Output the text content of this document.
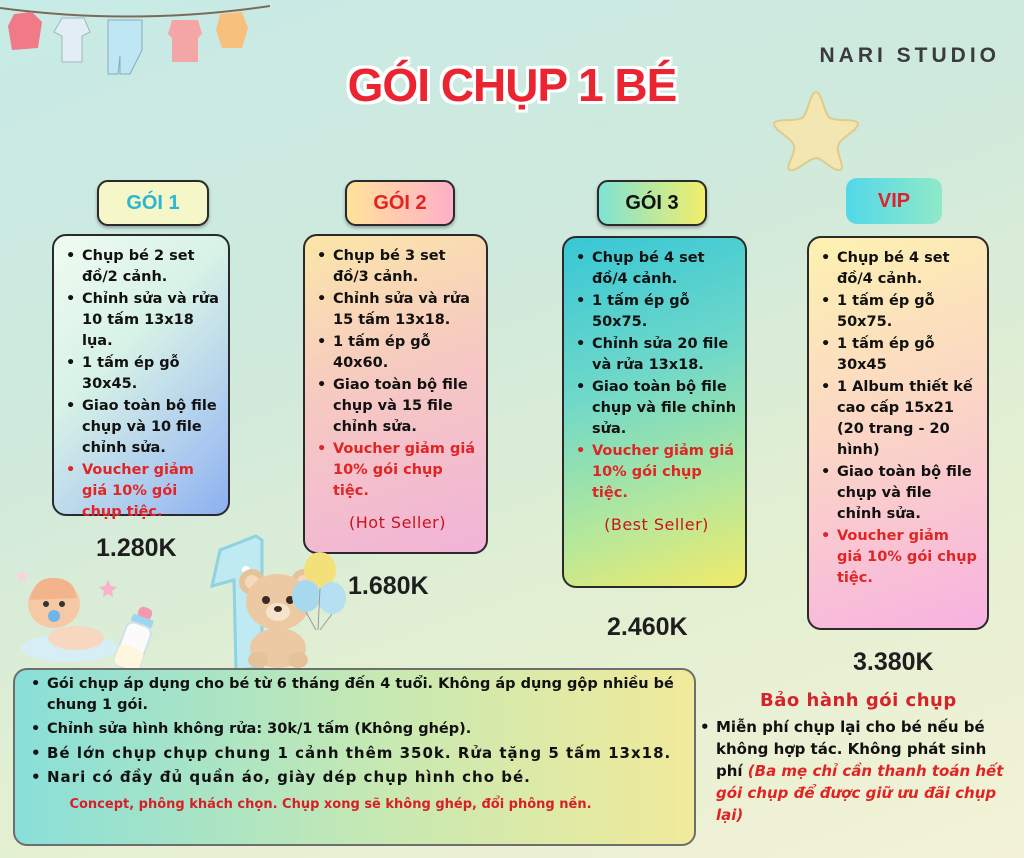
NARI STUDIO
GÓI CHỤP 1 BÉ
GÓI 1	GÓI 2	GÓI 3	VIP
• Chụp bé 2 set đồ/2 cảnh.
• Chỉnh sửa và rửa 10 tấm 13x18 lụa.
• 1 tấm ép gỗ 30x45.
• Giao toàn bộ file chụp và 10 file chỉnh sửa.
• Voucher giảm giá 10% gói chụp tiệc.
• Chụp bé 3 set đồ/3 cảnh.
• Chỉnh sửa và rửa 15 tấm 13x18.
• 1 tấm ép gỗ 40x60.
• Giao toàn bộ file chụp và 15 file chỉnh sửa.
• Voucher giảm giá 10% gói chụp tiệc.
(Hot Seller)
• Chụp bé 4 set đồ/4 cảnh.
• 1 tấm ép gỗ 50x75.
• Chỉnh sửa 20 file và rửa 13x18.
• Giao toàn bộ file chụp và file chỉnh sửa.
• Voucher giảm giá 10% gói chụp tiệc.
(Best Seller)
• Chụp bé 4 set đồ/4 cảnh.
• 1 tấm ép gỗ 50x75.
• 1 tấm ép gỗ 30x45
• 1 Album thiết kế cao cấp 15x21 (20 trang - 20 hình)
• Giao toàn bộ file chụp và file chỉnh sửa.
• Voucher giảm giá 10% gói chụp tiệc.
1.280K
1.680K
2.460K
3.380K
• Gói chụp áp dụng cho bé từ 6 tháng đến 4 tuổi. Không áp dụng gộp nhiều bé chung 1 gói.
• Chỉnh sửa hình không rửa: 30k/1 tấm (Không ghép).
• Bé lớn chụp chụp chung 1 cảnh thêm 350k. Rửa tặng 5 tấm 13x18.
• Nari có đầy đủ quần áo, giày dép chụp hình cho bé.
Concept, phông khách chọn. Chụp xong sẽ không ghép, đổi phông nền.
Bảo hành gói chụp
• Miễn phí chụp lại cho bé nếu bé không hợp tác. Không phát sinh phí (Ba mẹ chỉ cần thanh toán hết gói chụp để được giữ ưu đãi chụp lại)
